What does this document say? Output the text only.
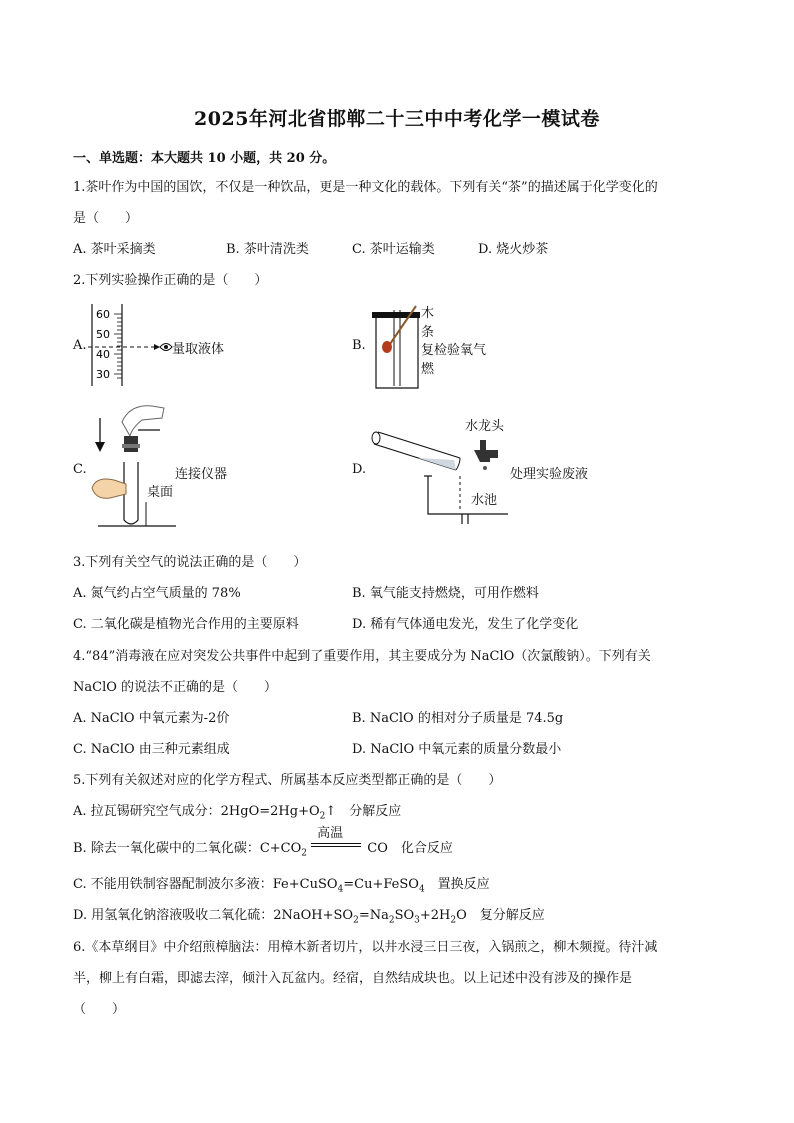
2025年河北省邯郸二十三中中考化学一模试卷
一、单选题：本大题共 10 小题，共 20 分。
1.茶叶作为中国的国饮，不仅是一种饮品，更是一种文化的载体。下列有关“茶”的描述属于化学变化的
是（　　）
A. 茶叶采摘类	B. 茶叶清洗类	C. 茶叶运输类	D. 烧火炒茶
2.下列实验操作正确的是（　　）
A.
60
50
40
30
量取液体	B.
木
条
复检验氧气
燃
C.	连接仪器
桌面
D.
水龙头
处理实验废液
水池
3.下列有关空气的说法正确的是（　　）
A. 氮气约占空气质量的 78%	B. 氧气能支持燃烧，可用作燃料
C. 二氧化碳是植物光合作用的主要原料	D. 稀有气体通电发光，发生了化学变化
4.“84”消毒液在应对突发公共事件中起到了重要作用，其主要成分为 NaClO（次氯酸钠）。下列有关
NaClO 的说法不正确的是（　　）
A. NaClO 中氧元素为-2价	B. NaClO 的相对分子质量是 74.5g
C. NaClO 由三种元素组成	D. NaClO 中氧元素的质量分数最小
5.下列有关叙述对应的化学方程式、所属基本反应类型都正确的是（　　）
A. 拉瓦锡研究空气成分：$2HgO=2Hg+O_2↑$　分解反应
B. 除去一氧化碳中的二氧化碳：$C+CO_2$
高温
CO　化合反应
C. 不能用铁制容器配制波尔多液：Fe+CuSO$_4$=Cu+FeSO$_4$　置换反应
D. 用氢氧化钠溶液吸收二氧化硫：$2NaOH+SO_2=Na_2SO_3+2H_2O$　复分解反应
6.《本草纲目》中介绍煎樟脑法：用樟木新者切片，以井水浸三日三夜，入锅煎之，柳木频搅。待汁减
半，柳上有白霜，即滤去滓，倾汁入瓦盆内。经宿，自然结成块也。以上记述中没有涉及的操作是
（　　）
